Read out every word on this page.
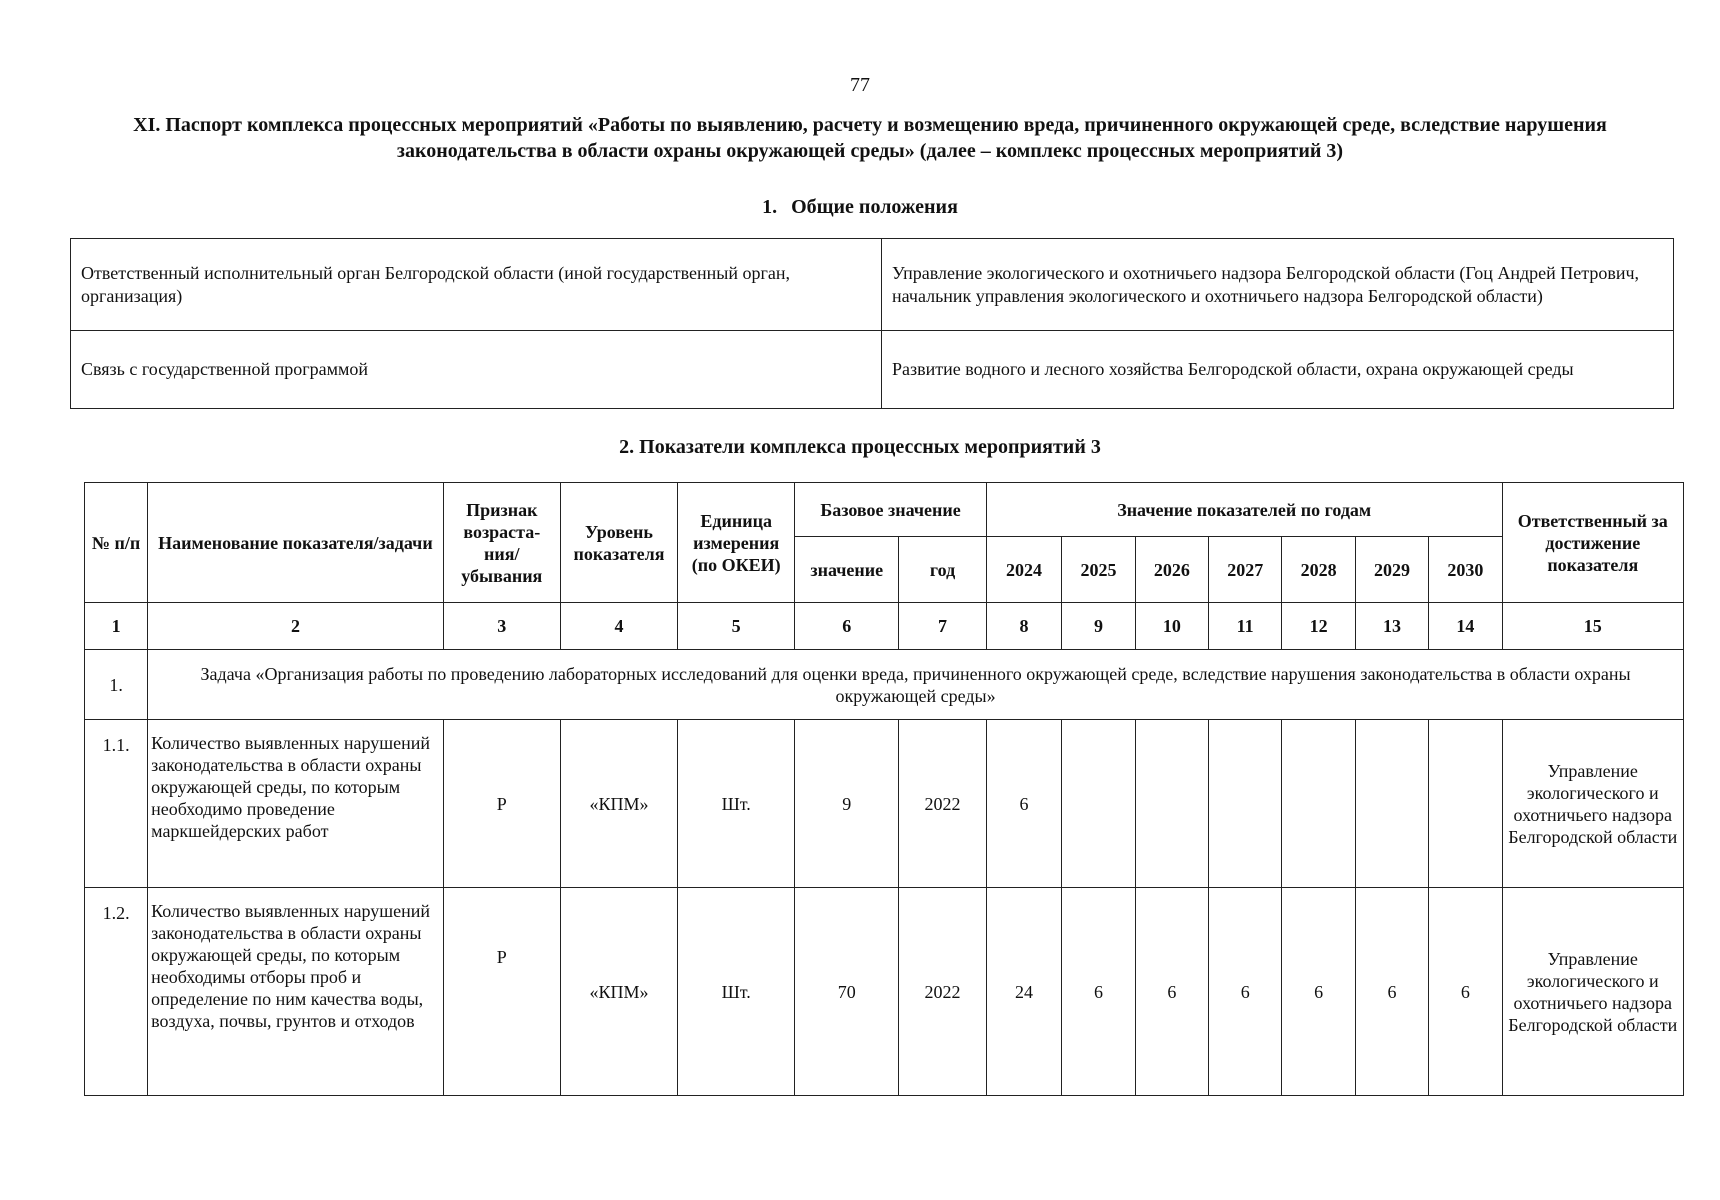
77
XI. Паспорт комплекса процессных мероприятий «Работы по выявлению, расчету и возмещению вреда, причиненного окружающей среде, вследствие нарушения законодательства в области охраны окружающей среды» (далее – комплекс процессных мероприятий 3)
1. Общие положения
Ответственный исполнительный орган Белгородской области (иной государственный орган, организация)	Управление экологического и охотничьего надзора Белгородской области (Гоц Андрей Петрович, начальник управления экологического и охотничьего надзора Белгородской области)
Связь с государственной программой	Развитие водного и лесного хозяйства Белгородской области, охрана окружающей среды
2. Показатели комплекса процессных мероприятий 3
№ п/п	Наименование показателя/задачи	Признак возраста-ния/ убывания	Уровень показателя	Единица измерения (по ОКЕИ)	Базовое значение		Значение показателей по годам							Ответственный за достижение показателя
					значение	год	2024	2025	2026	2027	2028	2029	2030	
1	2	3	4	5	6	7	8	9	10	11	12	13	14	15
1.	Задача «Организация работы по проведению лабораторных исследований для оценки вреда, причиненного окружающей среде, вследствие нарушения законодательства в области охраны окружающей среды»													
1.1.	Количество выявленных нарушений законодательства в области охраны окружающей среды, по которым необходимо проведение маркшейдерских работ	Р	«КПМ»	Шт.	9	2022	6							Управление экологического и охотничьего надзора Белгородской области
1.2.	Количество выявленных нарушений законодательства в области охраны окружающей среды, по которым необходимы отборы проб и определение по ним качества воды, воздуха, почвы, грунтов и отходов	Р	«КПМ»	Шт.	70	2022	24	6	6	6	6	6	6	Управление экологического и охотничьего надзора Белгородской области
